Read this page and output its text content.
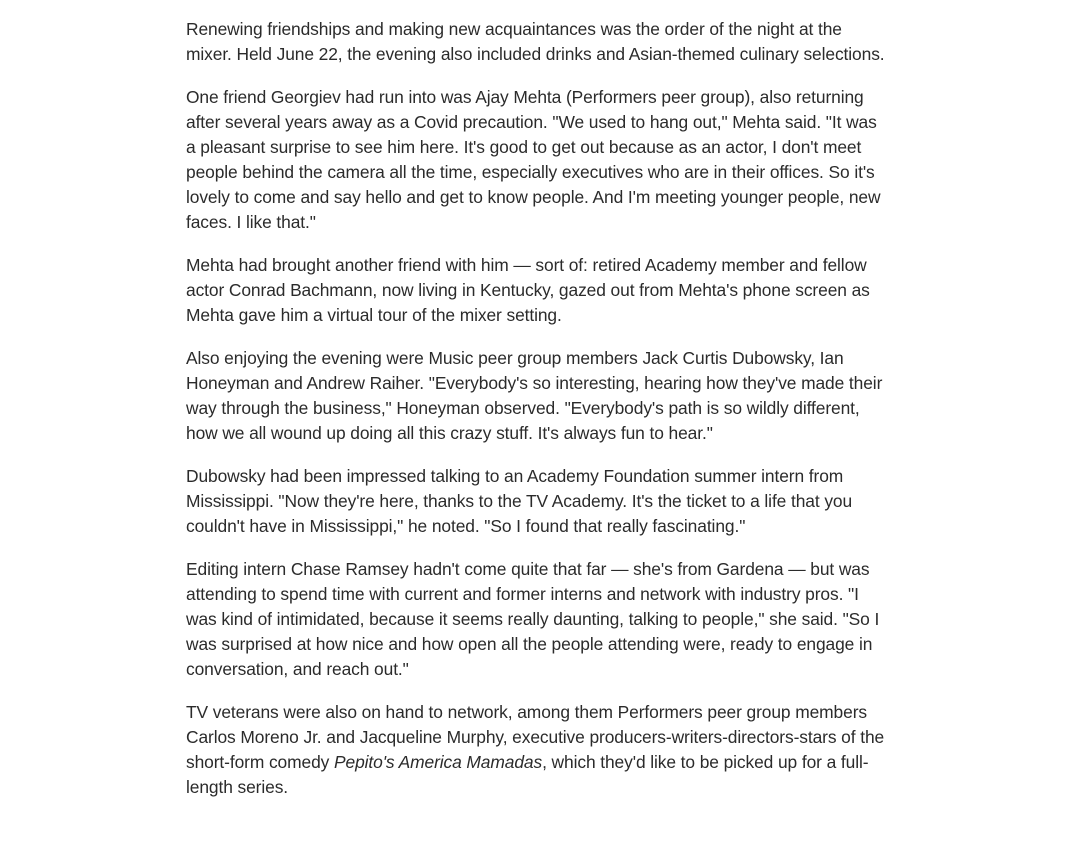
Renewing friendships and making new acquaintances was the order of the night at the mixer. Held June 22, the evening also included drinks and Asian-themed culinary selections.

One friend Georgiev had run into was Ajay Mehta (Performers peer group), also returning after several years away as a Covid precaution. "We used to hang out," Mehta said. "It was a pleasant surprise to see him here. It's good to get out because as an actor, I don't meet people behind the camera all the time, especially executives who are in their offices. So it's lovely to come and say hello and get to know people. And I'm meeting younger people, new faces. I like that."

Mehta had brought another friend with him — sort of: retired Academy member and fellow actor Conrad Bachmann, now living in Kentucky, gazed out from Mehta's phone screen as Mehta gave him a virtual tour of the mixer setting.

Also enjoying the evening were Music peer group members Jack Curtis Dubowsky, Ian Honeyman and Andrew Raiher. "Everybody's so interesting, hearing how they've made their way through the business," Honeyman observed. "Everybody's path is so wildly different, how we all wound up doing all this crazy stuff. It's always fun to hear."

Dubowsky had been impressed talking to an Academy Foundation summer intern from Mississippi. "Now they're here, thanks to the TV Academy. It's the ticket to a life that you couldn't have in Mississippi," he noted. "So I found that really fascinating."

Editing intern Chase Ramsey hadn't come quite that far — she's from Gardena — but was attending to spend time with current and former interns and network with industry pros. "I was kind of intimidated, because it seems really daunting, talking to people," she said. "So I was surprised at how nice and how open all the people attending were, ready to engage in conversation, and reach out."

TV veterans were also on hand to network, among them Performers peer group members Carlos Moreno Jr. and Jacqueline Murphy, executive producers-writers-directors-stars of the short-form comedy Pepito's America Mamadas, which they'd like to be picked up for a full-length series.
